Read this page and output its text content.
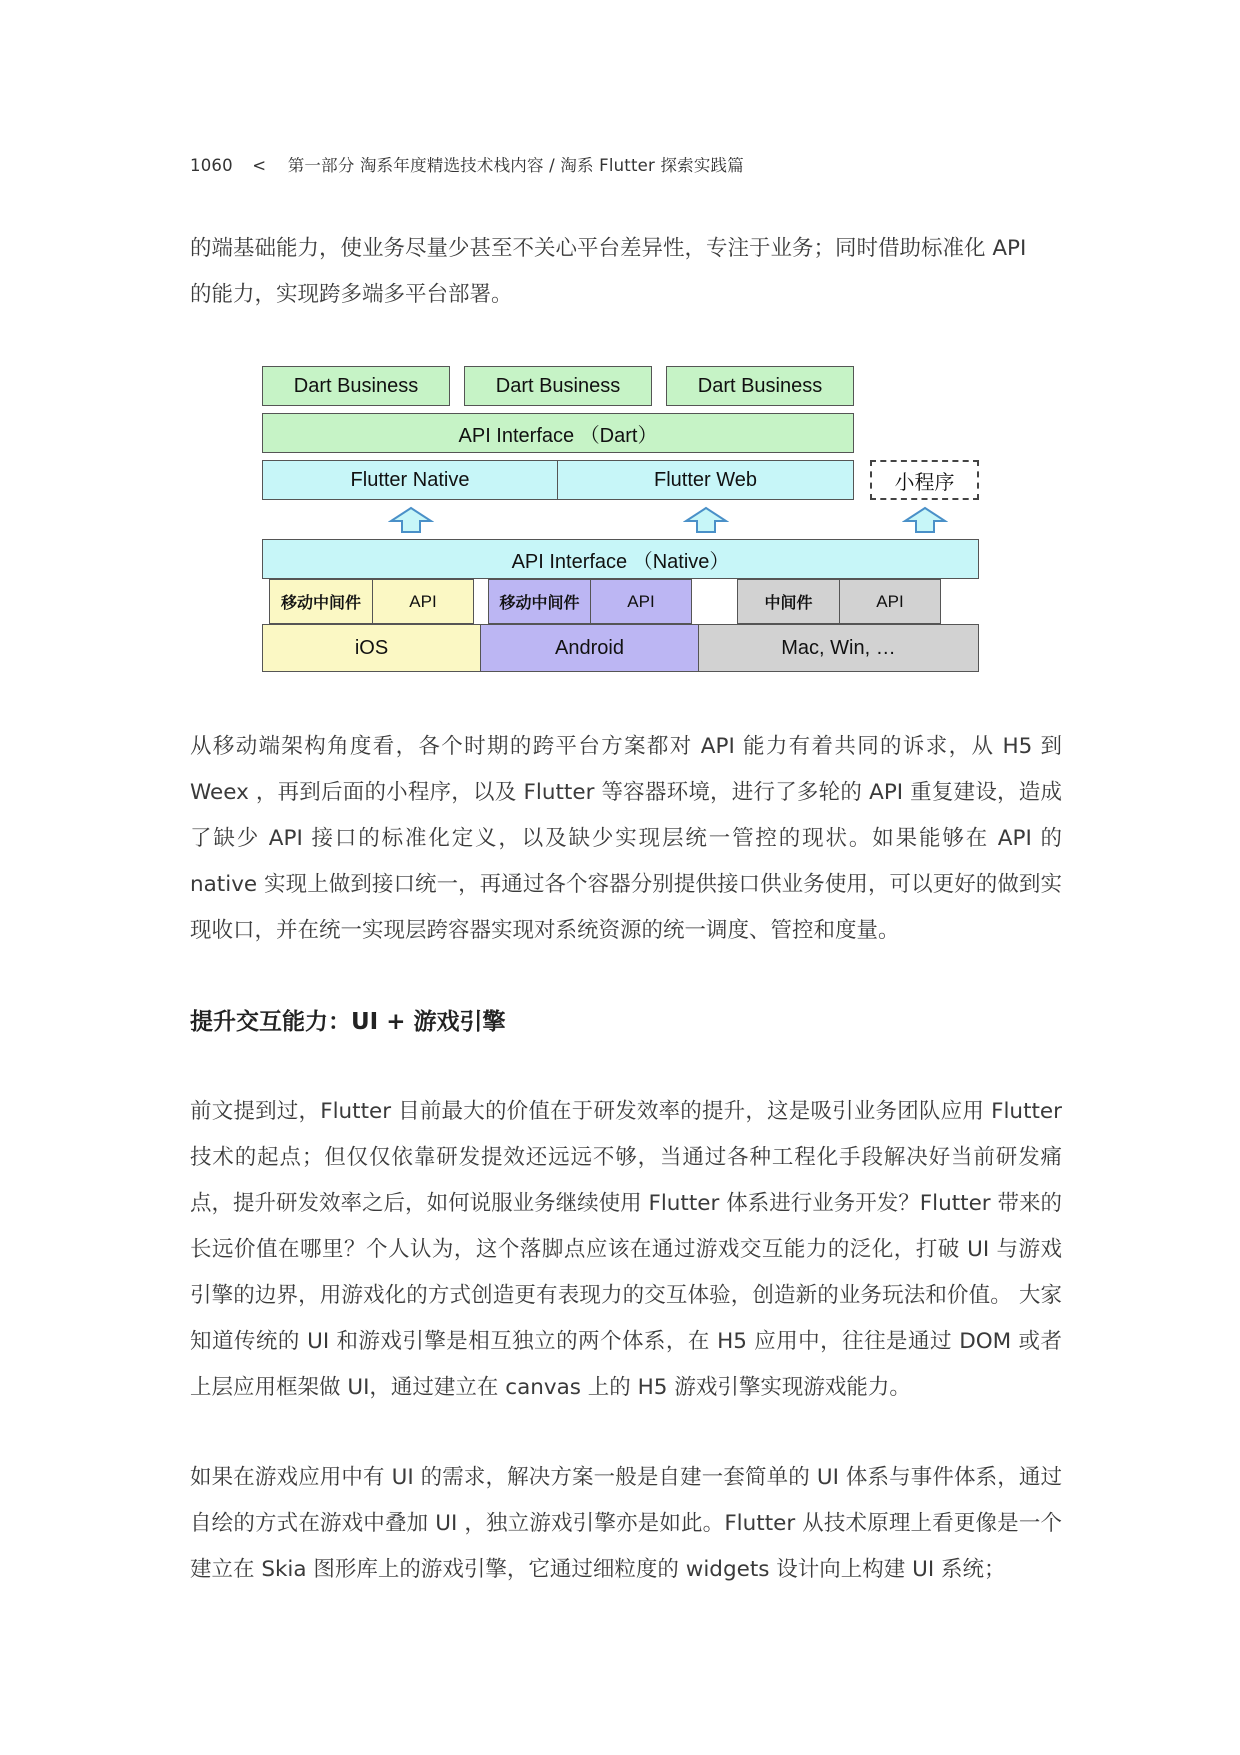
1060 < 第一部分 淘系年度精选技术栈内容 / 淘系 Flutter 探索实践篇

的端基础能力，使业务尽量少甚至不关心平台差异性，专注于业务；同时借助标准化 API
的能力，实现跨多端多平台部署。

Dart Business	Dart Business	Dart Business
API Interface （Dart）
Flutter Native	Flutter Web	小程序
API Interface （Native）
移动中间件	API	移动中间件	API	中间件	API
iOS	Android	Mac, Win, …

从移动端架构角度看，各个时期的跨平台方案都对 API 能力有着共同的诉求，从 H5 到 Weex ，再到后面的小程序，以及 Flutter 等容器环境，进行了多轮的 API 重复建设，造成了缺少 API 接口的标准化定义，以及缺少实现层统一管控的现状。如果能够在 API 的 native 实现上做到接口统一，再通过各个容器分别提供接口供业务使用，可以更好的做到实现收口，并在统一实现层跨容器实现对系统资源的统一调度、管控和度量。

提升交互能力：UI + 游戏引擎

前文提到过，Flutter 目前最大的价值在于研发效率的提升，这是吸引业务团队应用 Flutter 技术的起点；但仅仅依靠研发提效还远远不够，当通过各种工程化手段解决好当前研发痛点，提升研发效率之后，如何说服业务继续使用 Flutter 体系进行业务开发？Flutter 带来的长远价值在哪里？个人认为，这个落脚点应该在通过游戏交互能力的泛化，打破 UI 与游戏引擎的边界，用游戏化的方式创造更有表现力的交互体验，创造新的业务玩法和价值。 大家知道传统的 UI 和游戏引擎是相互独立的两个体系，在 H5 应用中，往往是通过 DOM 或者上层应用框架做 UI，通过建立在 canvas 上的 H5 游戏引擎实现游戏能力。

如果在游戏应用中有 UI 的需求，解决方案一般是自建一套简单的 UI 体系与事件体系，通过自绘的方式在游戏中叠加 UI ，独立游戏引擎亦是如此。Flutter 从技术原理上看更像是一个建立在 Skia 图形库上的游戏引擎，它通过细粒度的 widgets 设计向上构建 UI 系统；
